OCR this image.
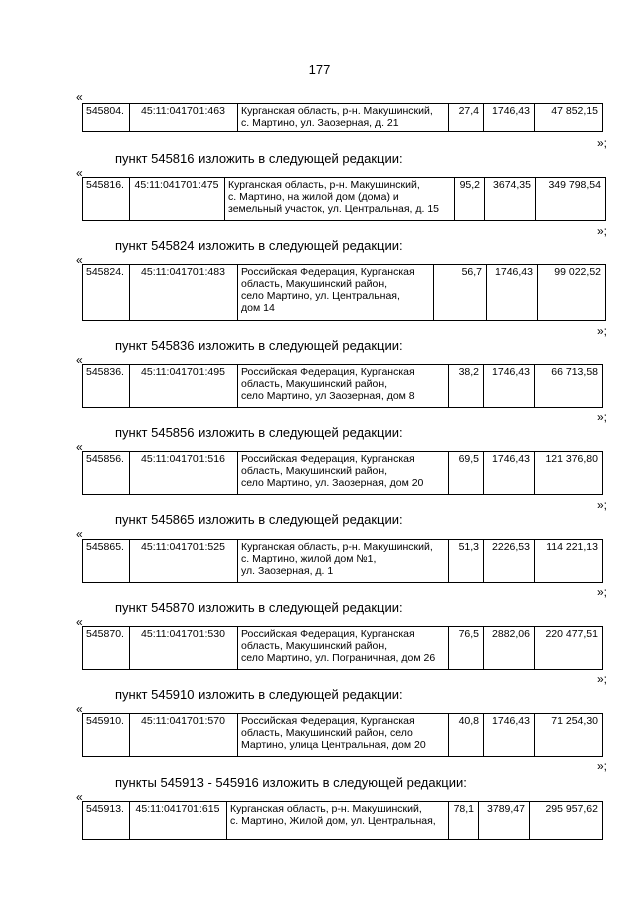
177
«
545804.	45:11:041701:463	Курганская область, р-н. Макушинский,
с. Мартино, ул. Заозерная, д. 21	27,4	1746,43	47 852,15
»;
пункт 545816 изложить в следующей редакции:
«
545816.	45:11:041701:475	Курганская область, р-н. Макушинский,
с. Мартино, на жилой дом (дома) и
земельный участок, ул. Центральная, д. 15	95,2	3674,35	349 798,54
»;
пункт 545824 изложить в следующей редакции:
«
545824.	45:11:041701:483	Российская Федерация, Курганская
область, Макушинский район,
село Мартино, ул. Центральная,
дом 14	56,7	1746,43	99 022,52
»;
пункт 545836 изложить в следующей редакции:
«
545836.	45:11:041701:495	Российская Федерация, Курганская
область, Макушинский район,
село Мартино, ул Заозерная, дом 8	38,2	1746,43	66 713,58
»;
пункт 545856 изложить в следующей редакции:
«
545856.	45:11:041701:516	Российская Федерация, Курганская
область, Макушинский район,
село Мартино, ул. Заозерная, дом 20	69,5	1746,43	121 376,80
»;
пункт 545865 изложить в следующей редакции:
«
545865.	45:11:041701:525	Курганская область, р-н. Макушинский,
с. Мартино, жилой дом №1,
ул. Заозерная, д. 1	51,3	2226,53	114 221,13
»;
пункт 545870 изложить в следующей редакции:
«
545870.	45:11:041701:530	Российская Федерация, Курганская
область, Макушинский район,
село Мартино, ул. Пограничная, дом 26	76,5	2882,06	220 477,51
»;
пункт 545910 изложить в следующей редакции:
«
545910.	45:11:041701:570	Российская Федерация, Курганская
область, Макушинский район, село
Мартино, улица Центральная, дом 20	40,8	1746,43	71 254,30
»;
пункты 545913 - 545916 изложить в следующей редакции:
«
545913.	45:11:041701:615	Курганская область, р-н. Макушинский,
с. Мартино, Жилой дом, ул. Центральная,	78,1	3789,47	295 957,62
